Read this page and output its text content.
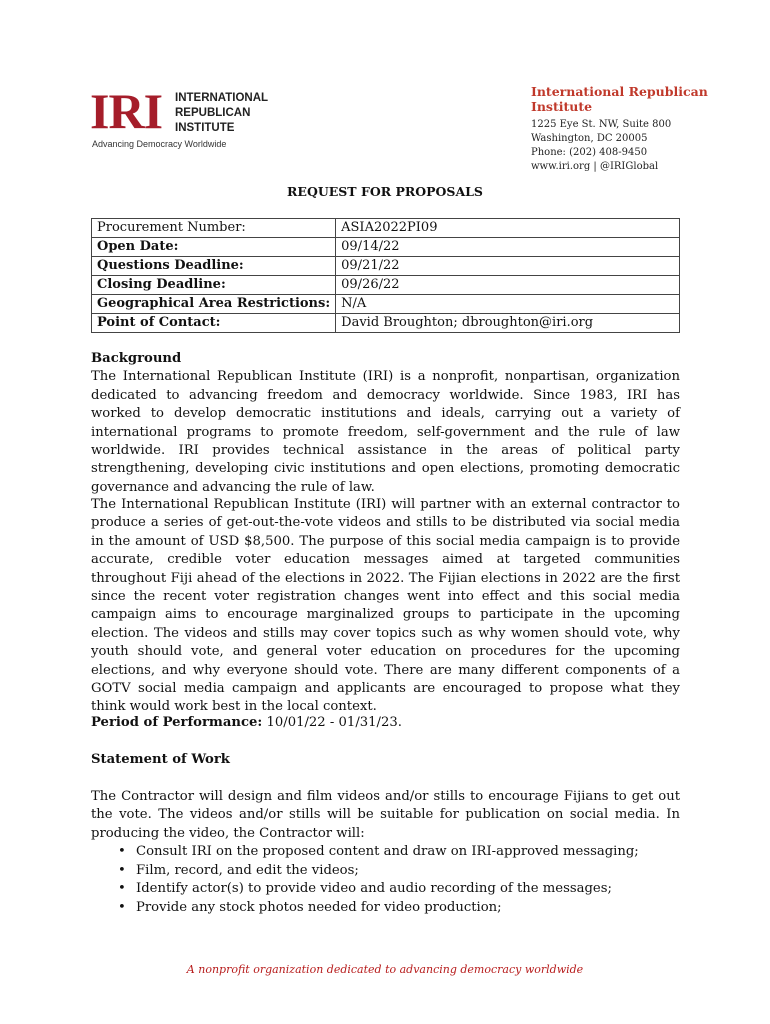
IRI INTERNATIONAL
REPUBLICAN
INSTITUTE
Advancing Democracy Worldwide
International Republican Institute
1225 Eye St. NW, Suite 800
Washington, DC 20005
Phone: (202) 408-9450
www.iri.org | @IRIGlobal
REQUEST FOR PROPOSALS
Procurement Number:	ASIA2022PI09
Open Date:	09/14/22
Questions Deadline:	09/21/22
Closing Deadline:	09/26/22
Geographical Area Restrictions:	N/A
Point of Contact:	David Broughton; dbroughton@iri.org
Background

The International Republican Institute (IRI) is a nonprofit, nonpartisan, organization dedicated to advancing freedom and democracy worldwide. Since 1983, IRI has worked to develop democratic institutions and ideals, carrying out a variety of international programs to promote freedom, self-government and the rule of law worldwide. IRI provides technical assistance in the areas of political party strengthening, developing civic institutions and open elections, promoting democratic governance and advancing the rule of law.

The International Republican Institute (IRI) will partner with an external contractor to produce a series of get-out-the-vote videos and stills to be distributed via social media in the amount of USD $8,500. The purpose of this social media campaign is to provide accurate, credible voter education messages aimed at targeted communities throughout Fiji ahead of the elections in 2022. The Fijian elections in 2022 are the first since the recent voter registration changes went into effect and this social media campaign aims to encourage marginalized groups to participate in the upcoming election. The videos and stills may cover topics such as why women should vote, why youth should vote, and general voter education on procedures for the upcoming elections, and why everyone should vote. There are many different components of a GOTV social media campaign and applicants are encouraged to propose what they think would work best in the local context.

Period of Performance: 10/01/22 - 01/31/23.
Statement of Work

The Contractor will design and film videos and/or stills to encourage Fijians to get out the vote. The videos and/or stills will be suitable for publication on social media. In producing the video, the Contractor will:

• Consult IRI on the proposed content and draw on IRI-approved messaging;
• Film, record, and edit the videos;
• Identify actor(s) to provide video and audio recording of the messages;
• Provide any stock photos needed for video production;
A nonprofit organization dedicated to advancing democracy worldwide
